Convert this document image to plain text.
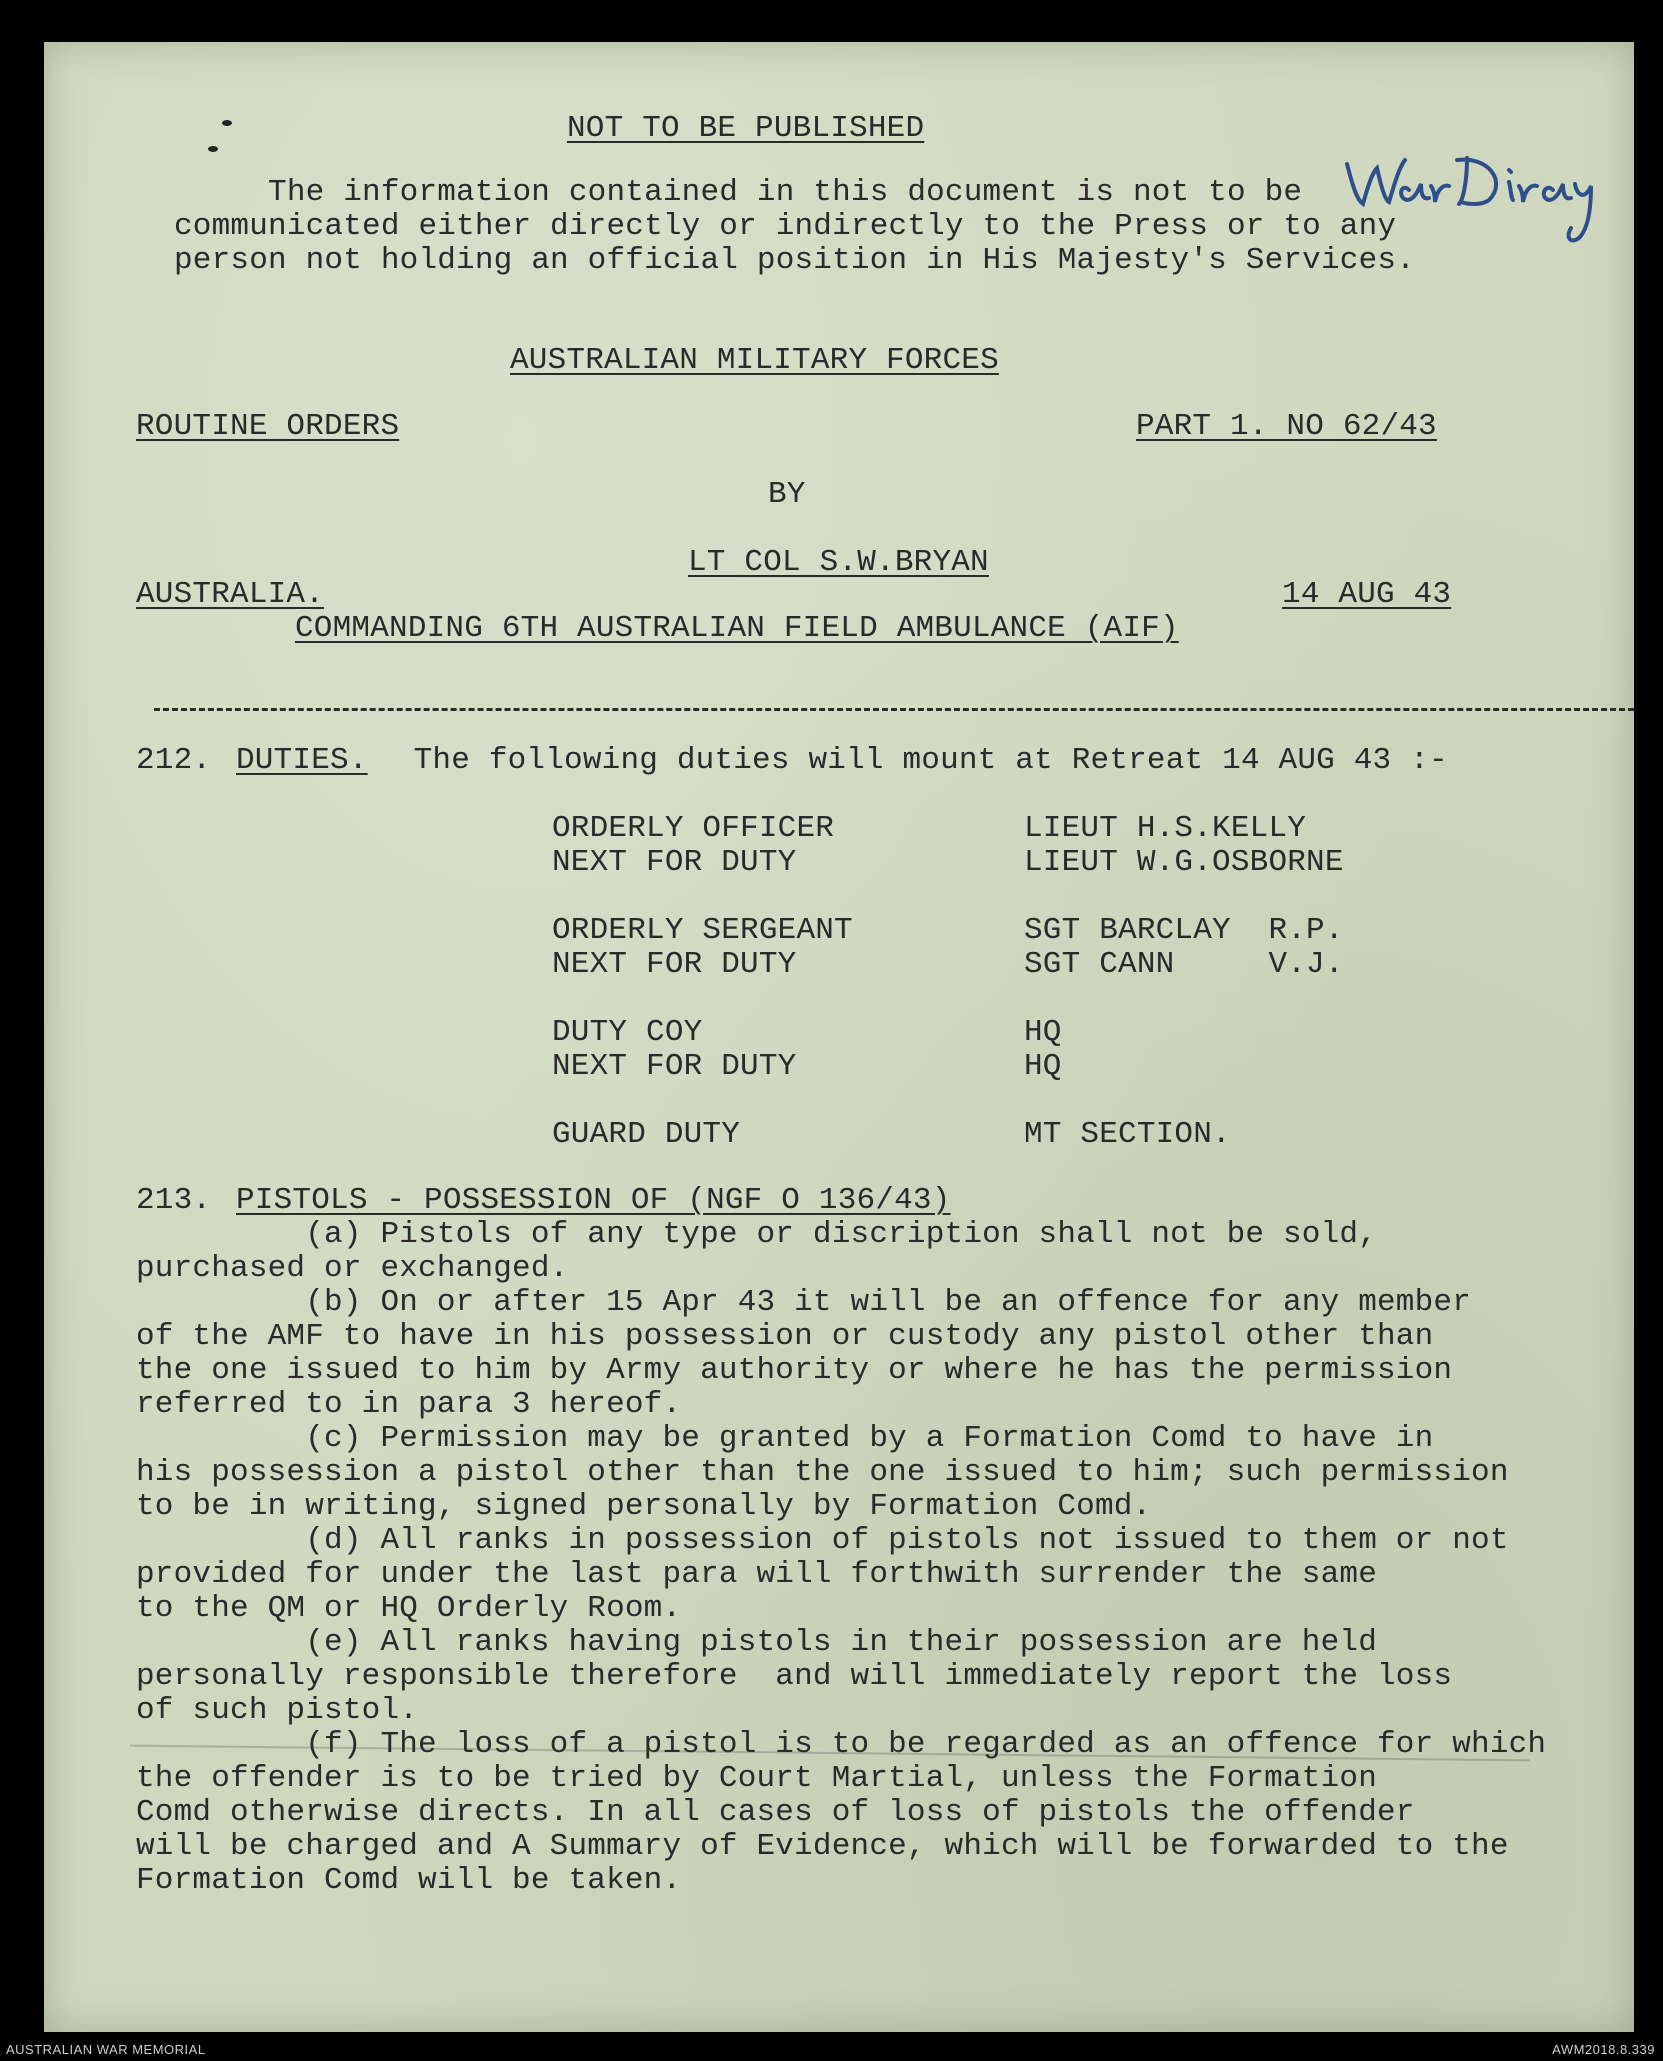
NOT TO BE PUBLISHED
The information contained in this document is not to be
communicated either directly or indirectly to the Press or to any
person not holding an official position in His Majesty's Services.
AUSTRALIAN MILITARY FORCES
ROUTINE ORDERS	PART 1. NO 62/43
BY
LT COL S.W.BRYAN
AUSTRALIA.	14 AUG 43
COMMANDING 6TH AUSTRALIAN FIELD AMBULANCE (AIF)
212. DUTIES. The following duties will mount at Retreat 14 AUG 43 :-
ORDERLY OFFICER	LIEUT H.S.KELLY
NEXT FOR DUTY	LIEUT W.G.OSBORNE
ORDERLY SERGEANT	SGT BARCLAY  R.P.
NEXT FOR DUTY	SGT CANN     V.J.
DUTY COY	HQ
NEXT FOR DUTY	HQ
GUARD DUTY	MT SECTION.
213. PISTOLS - POSSESSION OF (NGF O 136/43)
(a) Pistols of any type or discription shall not be sold,
purchased or exchanged.
(b) On or after 15 Apr 43 it will be an offence for any member
of the AMF to have in his possession or custody any pistol other than
the one issued to him by Army authority or where he has the permission
referred to in para 3 hereof.
(c) Permission may be granted by a Formation Comd to have in
his possession a pistol other than the one issued to him; such permission
to be in writing, signed personally by Formation Comd.
(d) All ranks in possession of pistols not issued to them or not
provided for under the last para will forthwith surrender the same
to the QM or HQ Orderly Room.
(e) All ranks having pistols in their possession are held
personally responsible therefore  and will immediately report the loss
of such pistol.
(f) The loss of a pistol is to be regarded as an offence for which
the offender is to be tried by Court Martial, unless the Formation
Comd otherwise directs. In all cases of loss of pistols the offender
will be charged and A Summary of Evidence, which will be forwarded to the
Formation Comd will be taken.
AUSTRALIAN WAR MEMORIAL	AWM2018.8.339
